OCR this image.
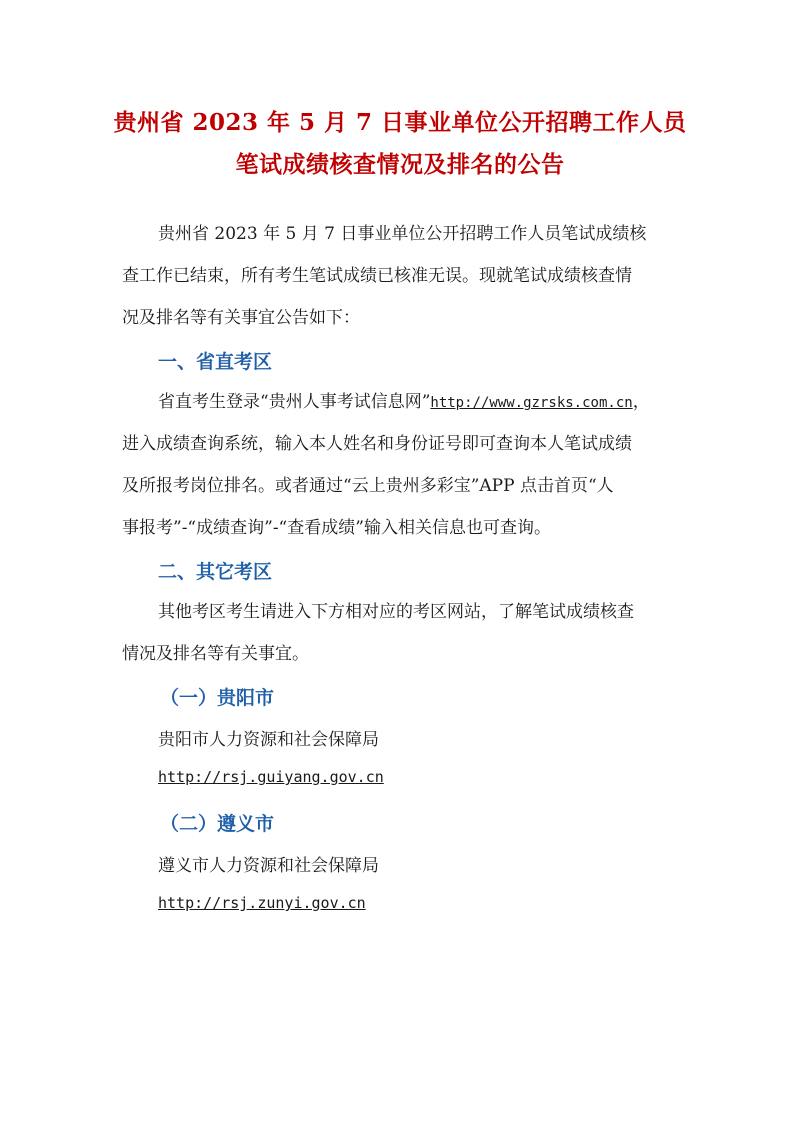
贵州省 2023 年 5 月 7 日事业单位公开招聘工作人员
笔试成绩核查情况及排名的公告

贵州省 2023 年 5 月 7 日事业单位公开招聘工作人员笔试成绩核

查工作已结束，所有考生笔试成绩已核准无误。现就笔试成绩核查情

况及排名等有关事宜公告如下：

一、省直考区

省直考生登录“贵州人事考试信息网”http://www.gzrsks.com.cn，

进入成绩查询系统，输入本人姓名和身份证号即可查询本人笔试成绩

及所报考岗位排名。或者通过“云上贵州多彩宝”APP 点击首页“人

事报考”-“成绩查询”-“查看成绩”输入相关信息也可查询。

二、其它考区

其他考区考生请进入下方相对应的考区网站，了解笔试成绩核查

情况及排名等有关事宜。

（一）贵阳市

贵阳市人力资源和社会保障局

http://rsj.guiyang.gov.cn

（二）遵义市

遵义市人力资源和社会保障局

http://rsj.zunyi.gov.cn
